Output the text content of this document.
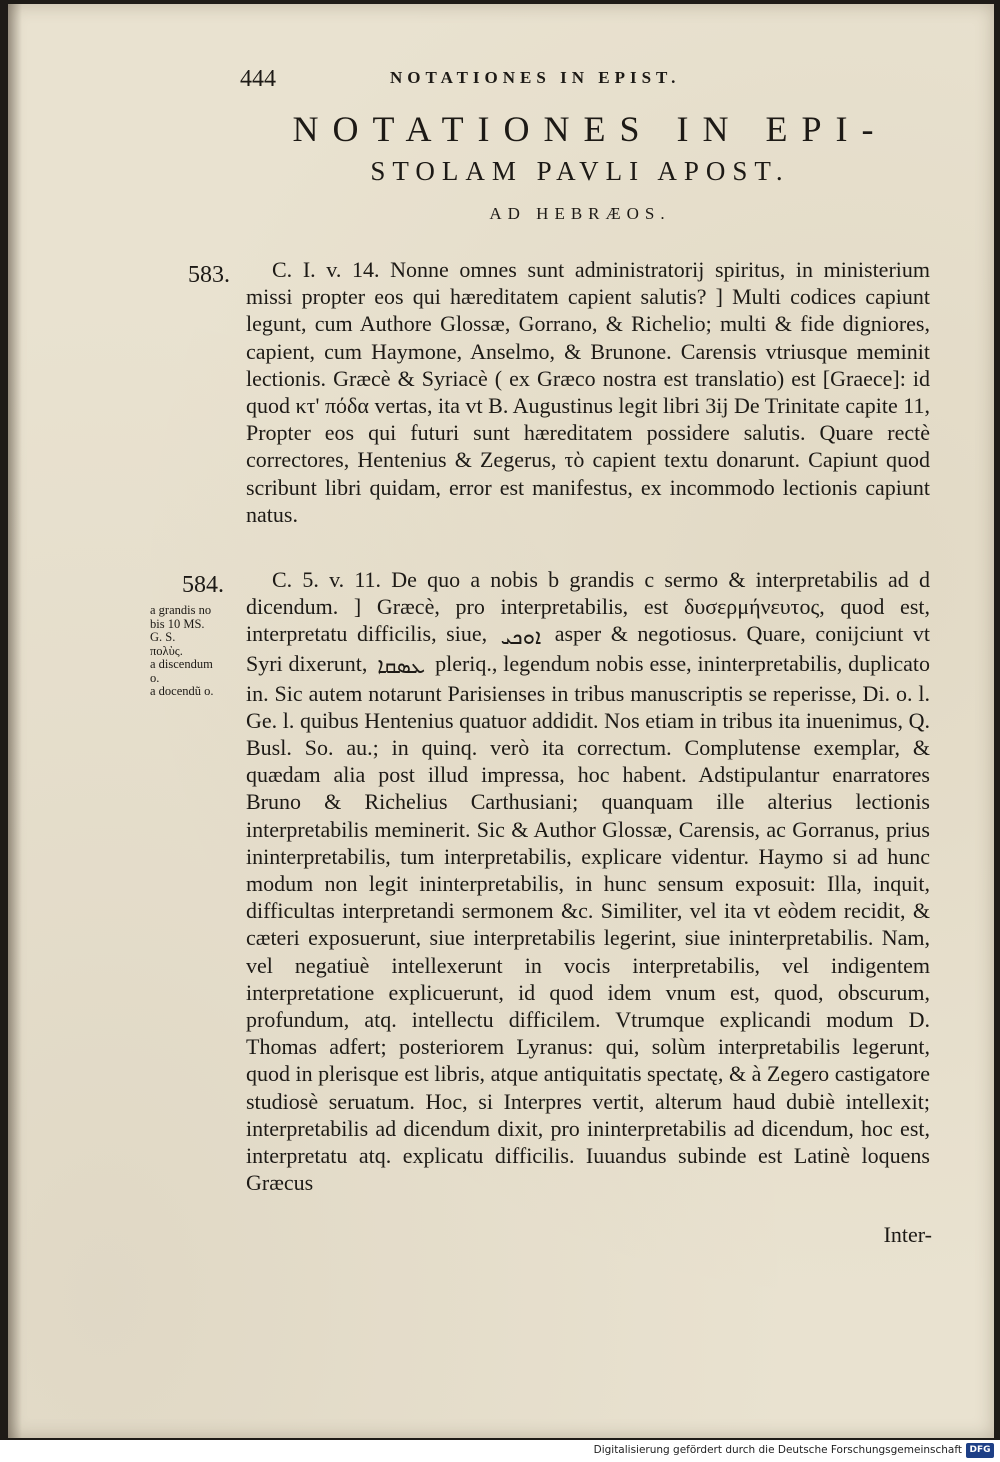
444	NOTATIONES IN EPIST.
NOTATIONES IN EPI-
STOLAM PAVLI APOST.
AD HEBRÆOS.
583.	C. I. v. 14. Nonne omnes sunt administratorij spiritus, in ministerium missi propter eos qui hæreditatem capient salutis? ] Multi codices capiunt legunt, cum Authore Glossæ, Gorrano, & Richelio; multi & fide digniores, capient, cum Haymone, Anselmo, & Brunone. Carensis vtriusque meminit lectionis. Græcè & Syriacè ( ex Græco nostra est translatio) est [Graece]: id quod κτ' πόδα vertas, ita vt B. Augustinus legit libri 3ij De Trinitate capite 11, Propter eos qui futuri sunt hæreditatem possidere salutis. Quare rectè correctores, Hentenius & Zegerus, τὸ capient textu donarunt. Capiunt quod scribunt libri quidam, error est manifestus, ex incommodo lectionis capiunt natus.
584.	C. 5. v. 11. De quo a nobis b grandis c sermo & interpretabilis ad d dicendum. ] Græcè, pro interpretabilis, est δυσερμήνευτος, quod est, interpretatu difficilis, siue, ܐܘܟܝ asper & negotiosus. Quare, conijciunt vt Syri dixerunt, ܥܣܩܐ pleriq., legendum nobis esse, ininterpretabilis, duplicato in. Sic autem notarunt Parisienses in tribus manuscriptis se reperisse, Di. o. l. Ge. l. quibus Hentenius quatuor addidit. Nos etiam in tribus ita inuenimus, Q. Busl. So. au.; in quinq. verò ita correctum. Complutense exemplar, & quædam alia post illud impressa, hoc habent. Adstipulantur enarratores Bruno & Richelius Carthusiani; quanquam ille alterius lectionis interpretabilis meminerit. Sic & Author Glossæ, Carensis, ac Gorranus, prius ininterpretabilis, tum interpretabilis, explicare videntur. Haymo si ad hunc modum non legit ininterpretabilis, in hunc sensum exposuit: Illa, inquit, difficultas interpretandi sermonem &c. Similiter, vel ita vt eòdem recidit, & cæteri exposuerunt, siue interpretabilis legerint, siue ininterpretabilis. Nam, vel negatiuè intellexerunt in vocis interpretabilis, vel indigentem interpretatione explicuerunt, id quod idem vnum est, quod, obscurum, profundum, atq. intellectu difficilem. Vtrumque explicandi modum D. Thomas adfert; posteriorem Lyranus: qui, solùm interpretabilis legerunt, quod in plerisque est libris, atque antiquitatis spectatę, & à Zegero castigatore studiosè seruatum. Hoc, si Interpres vertit, alterum haud dubiè intellexit; interpretabilis ad dicendum dixit, pro ininterpretabilis ad dicendum, hoc est, interpretatu atq. explicatu difficilis. Iuuandus subinde est Latinè loquens Græcus
Inter-
a grandis no
bis 10 MS.
G. S.
πολὺς.
a discendum
o.
a docendũ o.
Digitalisierung gefördert durch die Deutsche Forschungsgemeinschaft DFG
